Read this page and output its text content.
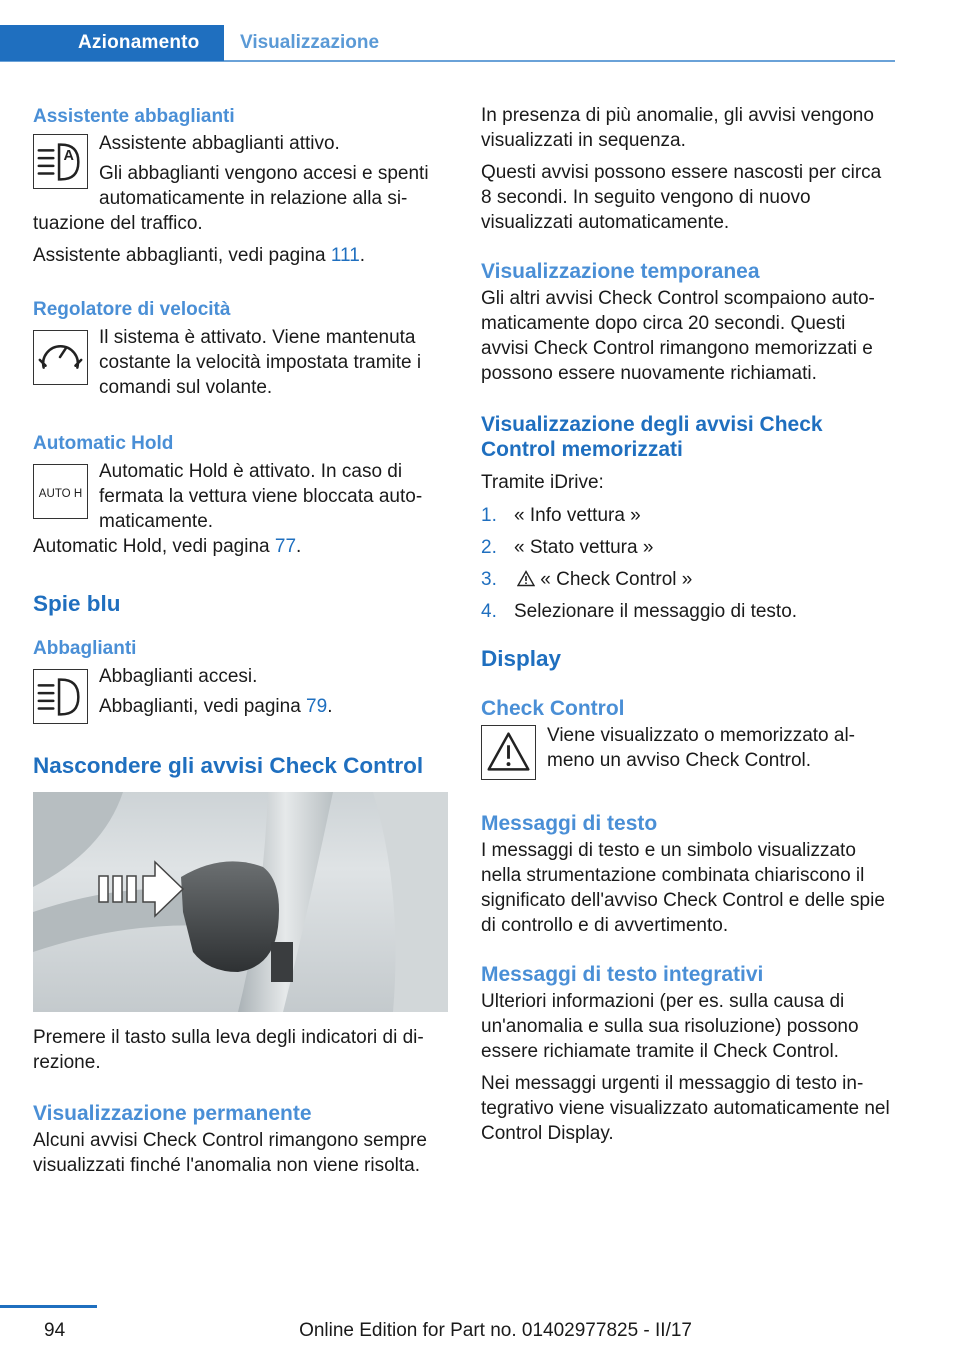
Azionamento	Visualizzazione
Assistente abbaglianti
A

Assistente abbaglianti attivo.

Gli abbaglianti vengono accesi e spenti automaticamente in relazione alla si-

tuazione del traffico.

Assistente abbaglianti, vedi pagina 111.

Regolatore di velocità

Il sistema è attivato. Viene mantenuta costante la velocità impostata tramite i comandi sul volante.

Automatic Hold
AUTO H

Automatic Hold è attivato. In caso di fermata la vettura viene bloccata auto-maticamente.

Automatic Hold, vedi pagina 77.

Spie blu
Abbaglianti

Abbaglianti accesi.

Abbaglianti, vedi pagina 79.

Nascondere gli avvisi Check Control

Premere il tasto sulla leva degli indicatori di di-rezione.

Visualizzazione permanente

Alcuni avvisi Check Control rimangono sempre visualizzati finché l'anomalia non viene risolta.

In presenza di più anomalie, gli avvisi vengono visualizzati in sequenza.

Questi avvisi possono essere nascosti per circa 8 secondi. In seguito vengono di nuovo visualizzati automaticamente.

Visualizzazione temporanea

Gli altri avvisi Check Control scompaiono auto-maticamente dopo circa 20 secondi. Questi avvisi Check Control rimangono memorizzati e possono essere nuovamente richiamati.

Visualizzazione degli avvisi Check Control memorizzati

Tramite iDrive:

1. « Info vettura »
2. « Stato vettura »
3. « Check Control »
4. Selezionare il messaggio di testo.
Display
Check Control

Viene visualizzato o memorizzato al-meno un avviso Check Control.

Messaggi di testo

I messaggi di testo e un simbolo visualizzato nella strumentazione combinata chiariscono il significato dell'avviso Check Control e delle spie di controllo e di avvertimento.

Messaggi di testo integrativi

Ulteriori informazioni (per es. sulla causa di un'anomalia e sulla sua risoluzione) possono essere richiamate tramite il Check Control.

Nei messaggi urgenti il messaggio di testo in-tegrativo viene visualizzato automaticamente nel Control Display.

94	Online Edition for Part no. 01402977825 - II/17
